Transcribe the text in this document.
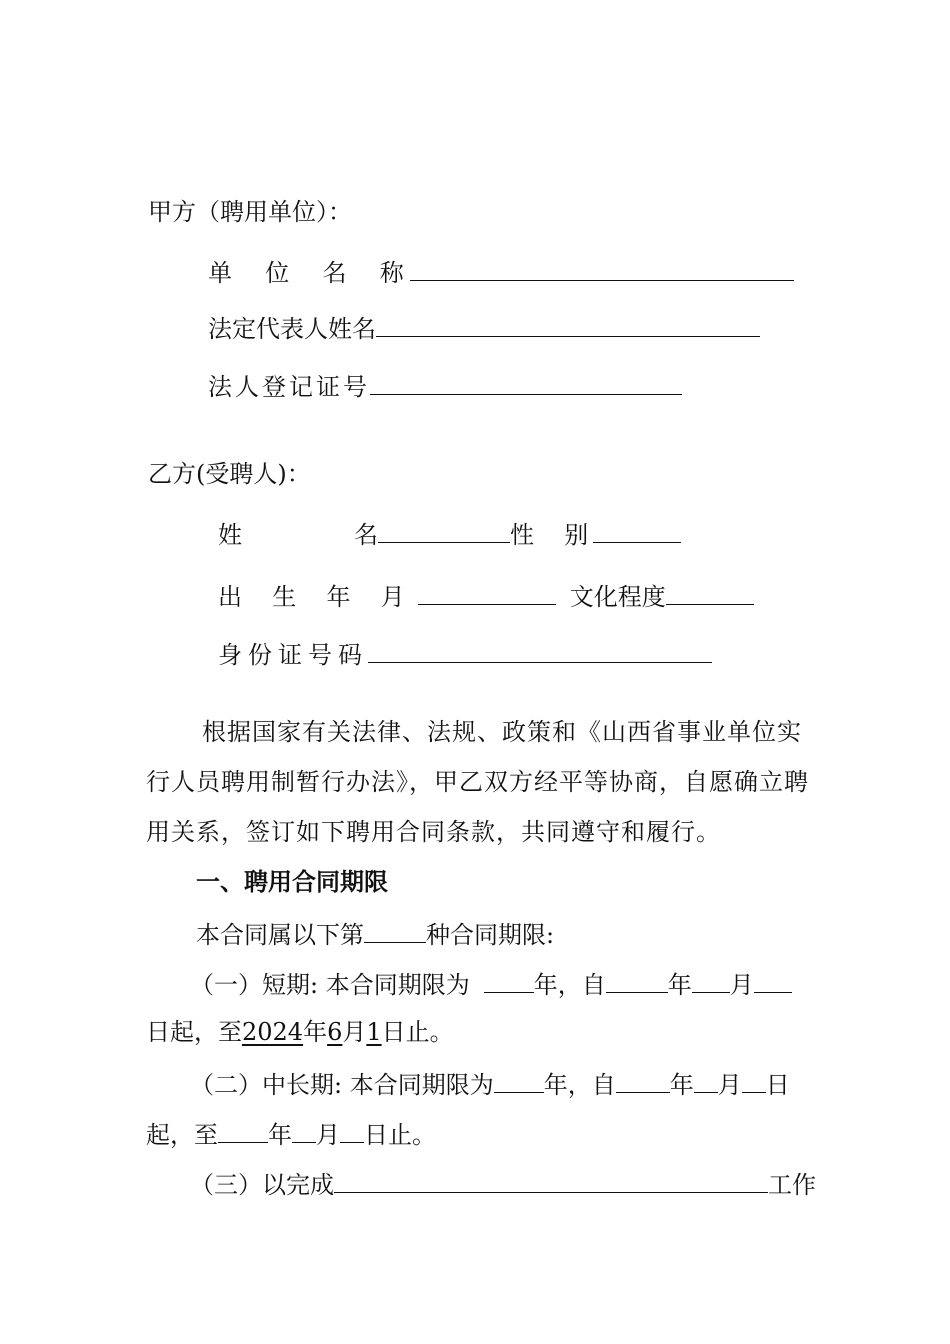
甲方（聘用单位）：
单  位  名  称
法定代表人姓名
法人登记证号
乙方(受聘人)：
姓	名	性  别
出  生  年  月	文化程度
身份证号码
根据国家有关法律、法规、政策和《山西省事业单位实
行人员聘用制暂行办法》，甲乙双方经平等协商，自愿确立聘
用关系，签订如下聘用合同条款，共同遵守和履行。
一、聘用合同期限
本合同属以下第	种合同期限:
（一）短期: 本合同期限为	年，自	年 月
日起，至2024年6月1日止。
（二）中长期: 本合同期限为 年，自 年 月 日
起，至 年 月 日止。
（三）以完成	工作
